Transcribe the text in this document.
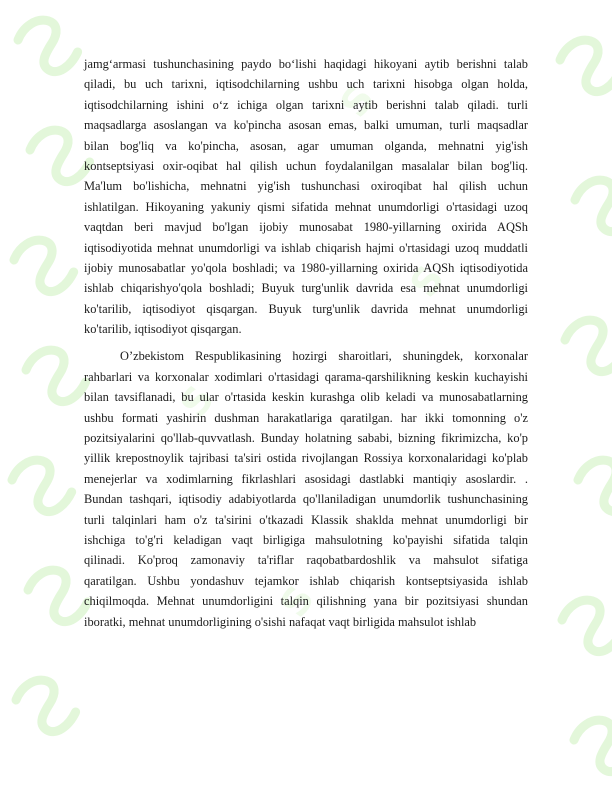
S
S
S
S
jamg‘armasi tushunchasining paydo bo‘lishi haqidagi hikoyani aytib berishni talab
qiladi, bu uch tarixni, iqtisodchilarning ushbu uch tarixni hisobga olgan holda,
iqtisodchilarning ishini o‘z ichiga olgan tarixni aytib berishni talab qiladi. turli
maqsadlarga asoslangan va ko'pincha asosan emas, balki umuman, turli maqsadlar
bilan bog'liq va ko'pincha, asosan, agar umuman olganda, mehnatni yig'ish
kontseptsiyasi oxir-oqibat hal qilish uchun foydalanilgan masalalar bilan bog'liq.
Ma'lum bo'lishicha, mehnatni yig'ish tushunchasi oxiroqibat hal qilish uchun
ishlatilgan. Hikoyaning yakuniy qismi sifatida mehnat unumdorligi o'rtasidagi uzoq
vaqtdan beri mavjud bo'lgan ijobiy munosabat 1980-yillarning oxirida AQSh
iqtisodiyotida mehnat unumdorligi va ishlab chiqarish hajmi o'rtasidagi uzoq muddatli
ijobiy munosabatlar yo'qola boshladi; va 1980-yillarning oxirida AQSh iqtisodiyotida
ishlab chiqarishyo'qola boshladi; Buyuk turg'unlik davrida esa mehnat unumdorligi
ko'tarilib, iqtisodiyot qisqargan. Buyuk turg'unlik davrida mehnat unumdorligi
ko'tarilib, iqtisodiyot qisqargan.
O’zbekistom Respublikasining hozirgi sharoitlari, shuningdek, korxonalar
rahbarlari va korxonalar xodimlari o'rtasidagi qarama-qarshilikning keskin kuchayishi
bilan tavsiflanadi, bu ular o'rtasida keskin kurashga olib keladi va munosabatlarning
ushbu formati yashirin dushman harakatlariga qaratilgan. har ikki tomonning o'z
pozitsiyalarini qo'llab-quvvatlash. Bunday holatning sababi, bizning fikrimizcha, ko'p
yillik krepostnoylik tajribasi ta'siri ostida rivojlangan Rossiya korxonalaridagi ko'plab
menejerlar va xodimlarning fikrlashlari asosidagi dastlabki mantiqiy asoslardir. .
Bundan tashqari, iqtisodiy adabiyotlarda qo'llaniladigan unumdorlik tushunchasining
turli talqinlari ham o'z ta'sirini o'tkazadi Klassik shaklda mehnat unumdorligi bir
ishchiga to'g'ri keladigan vaqt birligiga mahsulotning ko'payishi sifatida talqin
qilinadi. Ko'proq zamonaviy ta'riflar raqobatbardoshlik va mahsulot sifatiga
qaratilgan. Ushbu yondashuv tejamkor ishlab chiqarish kontseptsiyasida ishlab
chiqilmoqda. Mehnat unumdorligini talqin qilishning yana bir pozitsiyasi shundan
iboratki, mehnat unumdorligining o'sishi nafaqat vaqt birligida mahsulot ishlab
